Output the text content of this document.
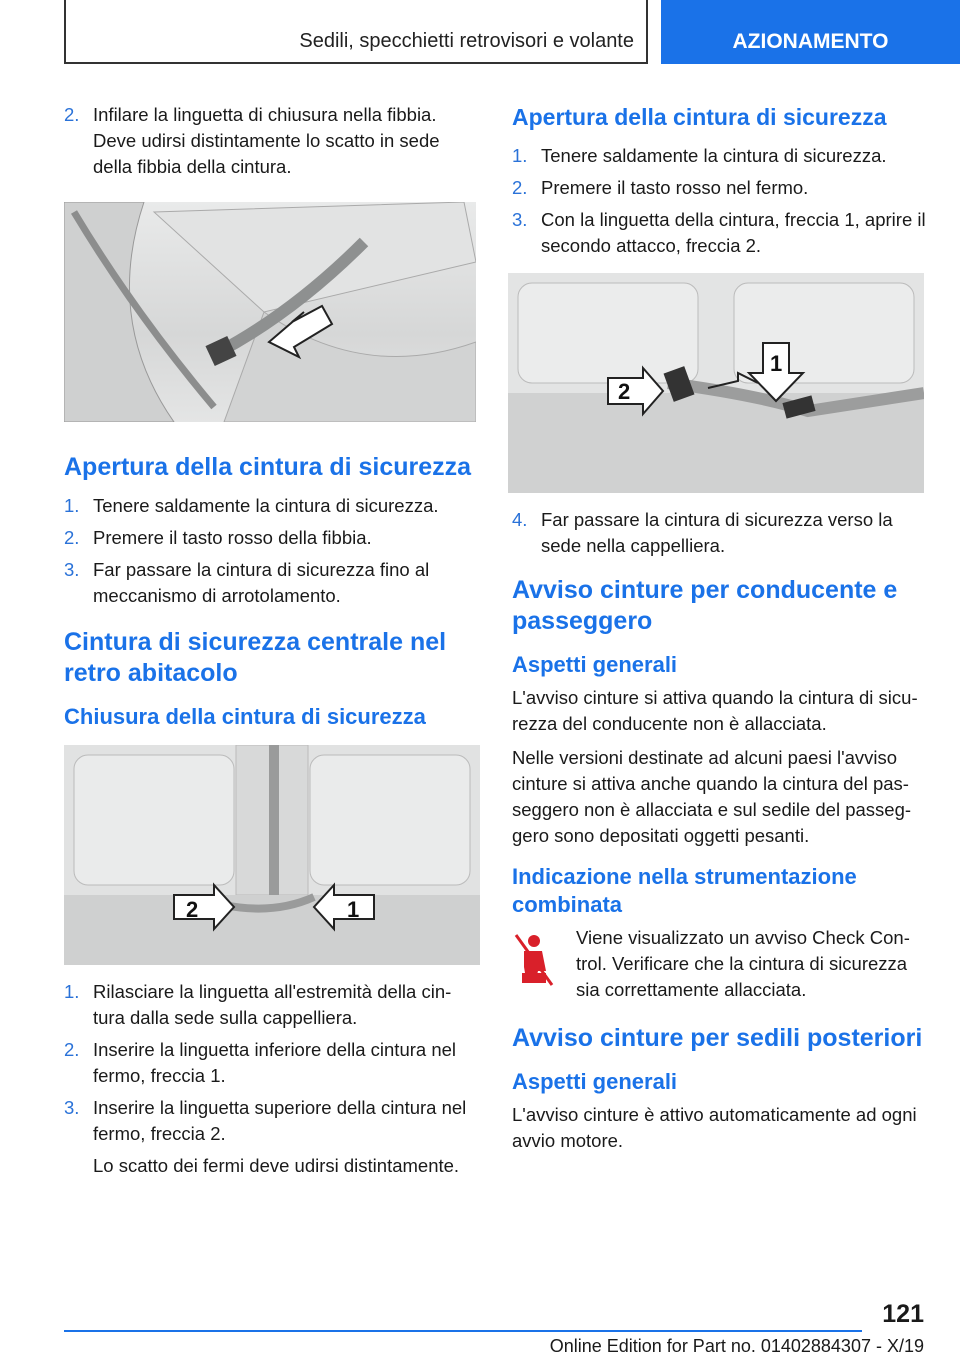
Sedili, specchietti retrovisori e volante	AZIONAMENTO
2. Infilare la linguetta di chiusura nella fibbia. Deve udirsi distintamente lo scatto in sede della fibbia della cintura.
Apertura della cintura di sicurezza
1. Tenere saldamente la cintura di sicurezza.
2. Premere il tasto rosso della fibbia.
3. Far passare la cintura di sicurezza fino al meccanismo di arrotolamento.
Cintura di sicurezza centrale nel retro abitacolo
Chiusura della cintura di sicurezza
2	1
1. Rilasciare la linguetta all'estremità della cin-tura dalla sede sulla cappelliera.
2. Inserire la linguetta inferiore della cintura nel fermo, freccia 1.
3. Inserire la linguetta superiore della cintura nel fermo, freccia 2.
Lo scatto dei fermi deve udirsi distintamente.
Apertura della cintura di sicurezza
1. Tenere saldamente la cintura di sicurezza.
2. Premere il tasto rosso nel fermo.
3. Con la linguetta della cintura, freccia 1, aprire il secondo attacco, freccia 2.
2
1
4. Far passare la cintura di sicurezza verso la sede nella cappelliera.
Avviso cinture per conducente e passeggero
Aspetti generali

L'avviso cinture si attiva quando la cintura di sicu-rezza del conducente non è allacciata.

Nelle versioni destinate ad alcuni paesi l'avviso cinture si attiva anche quando la cintura del pas-seggero non è allacciata e sul sedile del passeg-gero sono depositati oggetti pesanti.

Indicazione nella strumentazione combinata
Viene visualizzato un avviso Check Con-trol. Verificare che la cintura di sicurezza sia correttamente allacciata.
Avviso cinture per sedili posteriori
Aspetti generali

L'avviso cinture è attivo automaticamente ad ogni avvio motore.

121
Online Edition for Part no. 01402884307 - X/19
